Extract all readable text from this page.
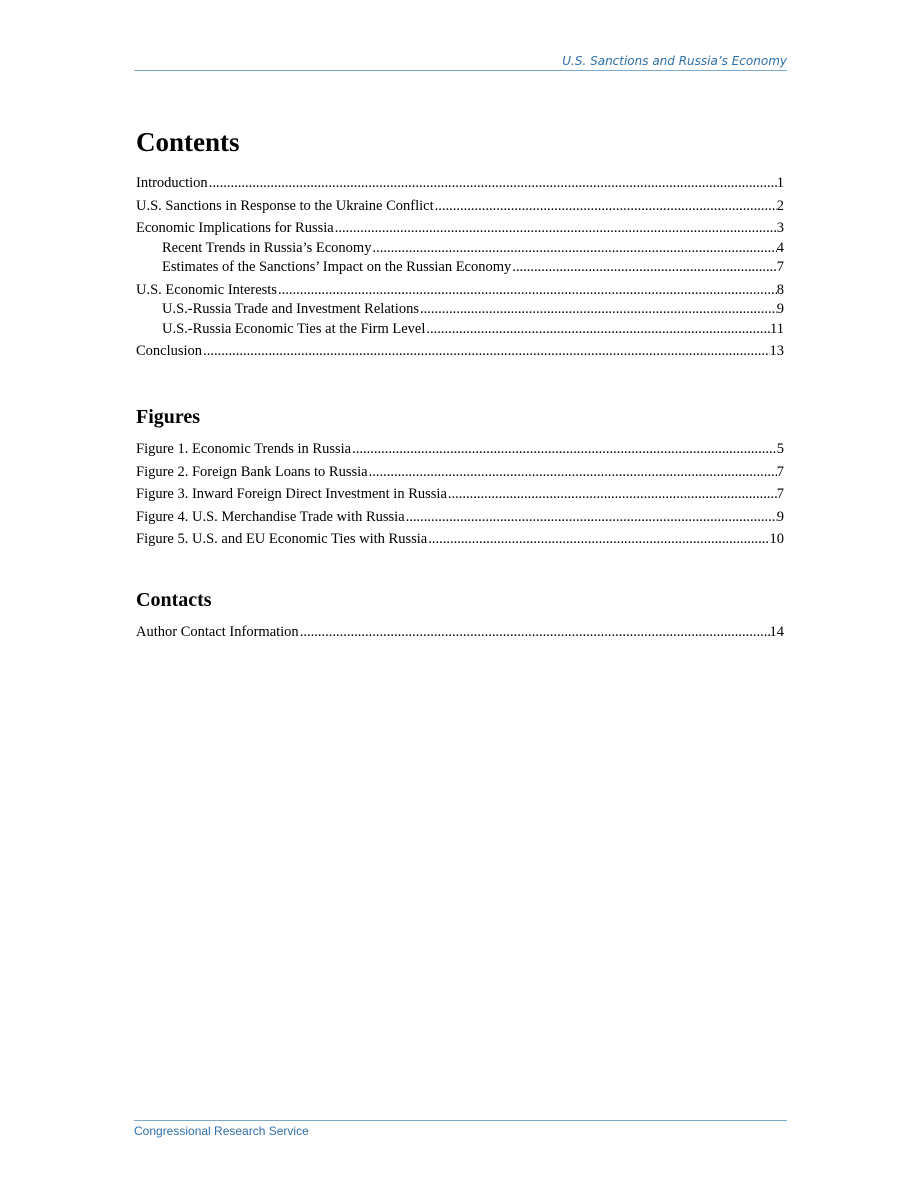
U.S. Sanctions and Russia’s Economy
Contents
Introduction .....	1
U.S. Sanctions in Response to the Ukraine Conflict .....	2
Economic Implications for Russia .....	3
Recent Trends in Russia’s Economy .....	4
Estimates of the Sanctions’ Impact on the Russian Economy .....	7
U.S. Economic Interests .....	8
U.S.-Russia Trade and Investment Relations .....	9
U.S.-Russia Economic Ties at the Firm Level .....	11
Conclusion .....	13
Figures
Figure 1. Economic Trends in Russia .....	5
Figure 2. Foreign Bank Loans to Russia .....	7
Figure 3. Inward Foreign Direct Investment in Russia .....	7
Figure 4. U.S. Merchandise Trade with Russia .....	9
Figure 5. U.S. and EU Economic Ties with Russia .....	10
Contacts
Author Contact Information .....	14
Congressional Research Service
